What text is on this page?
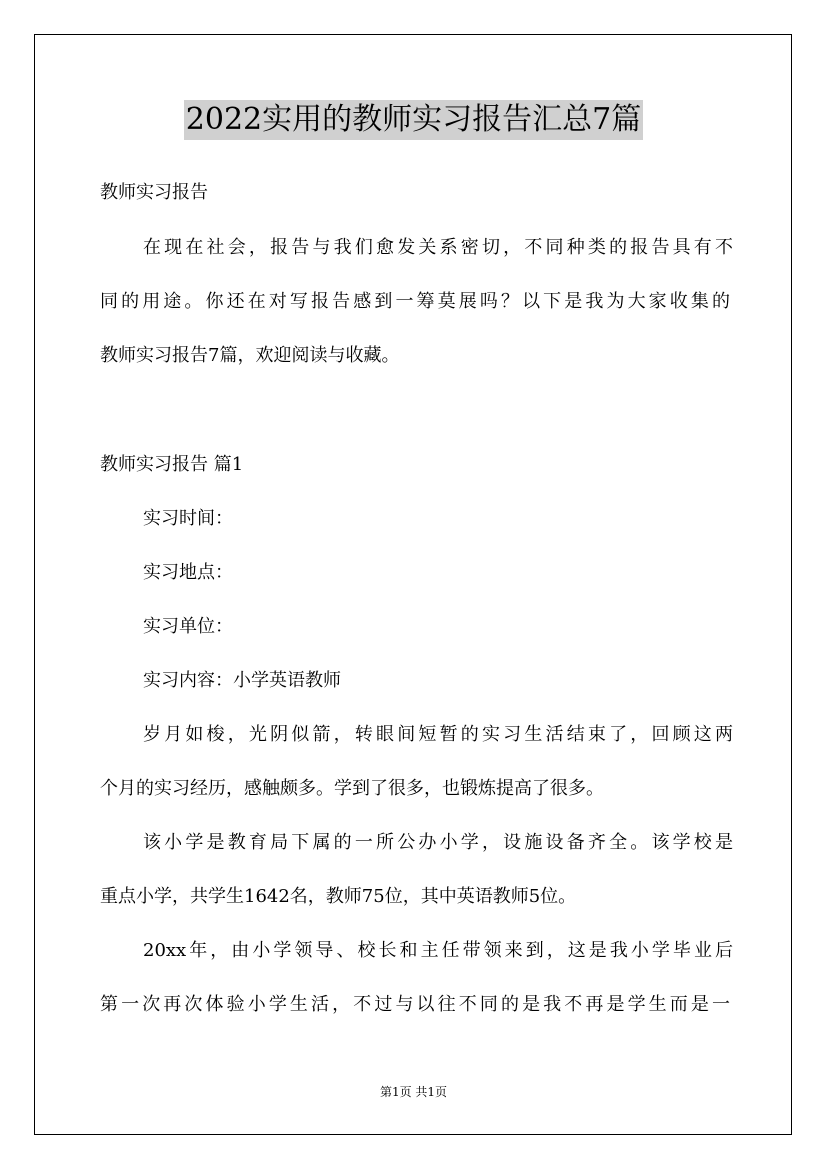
2022实用的教师实习报告汇总7篇
教师实习报告
在现在社会，报告与我们愈发关系密切，不同种类的报告具有不
同的用途。你还在对写报告感到一筹莫展吗？以下是我为大家收集的
教师实习报告7篇，欢迎阅读与收藏。
教师实习报告 篇1
实习时间：
实习地点：
实习单位：
实习内容：小学英语教师
岁月如梭，光阴似箭，转眼间短暂的实习生活结束了，回顾这两
个月的实习经历，感触颇多。学到了很多，也锻炼提高了很多。
该小学是教育局下属的一所公办小学，设施设备齐全。该学校是
重点小学，共学生1642名，教师75位，其中英语教师5位。
20xx年，由小学领导、校长和主任带领来到，这是我小学毕业后
第一次再次体验小学生活，不过与以往不同的是我不再是学生而是一
第1页 共1页
